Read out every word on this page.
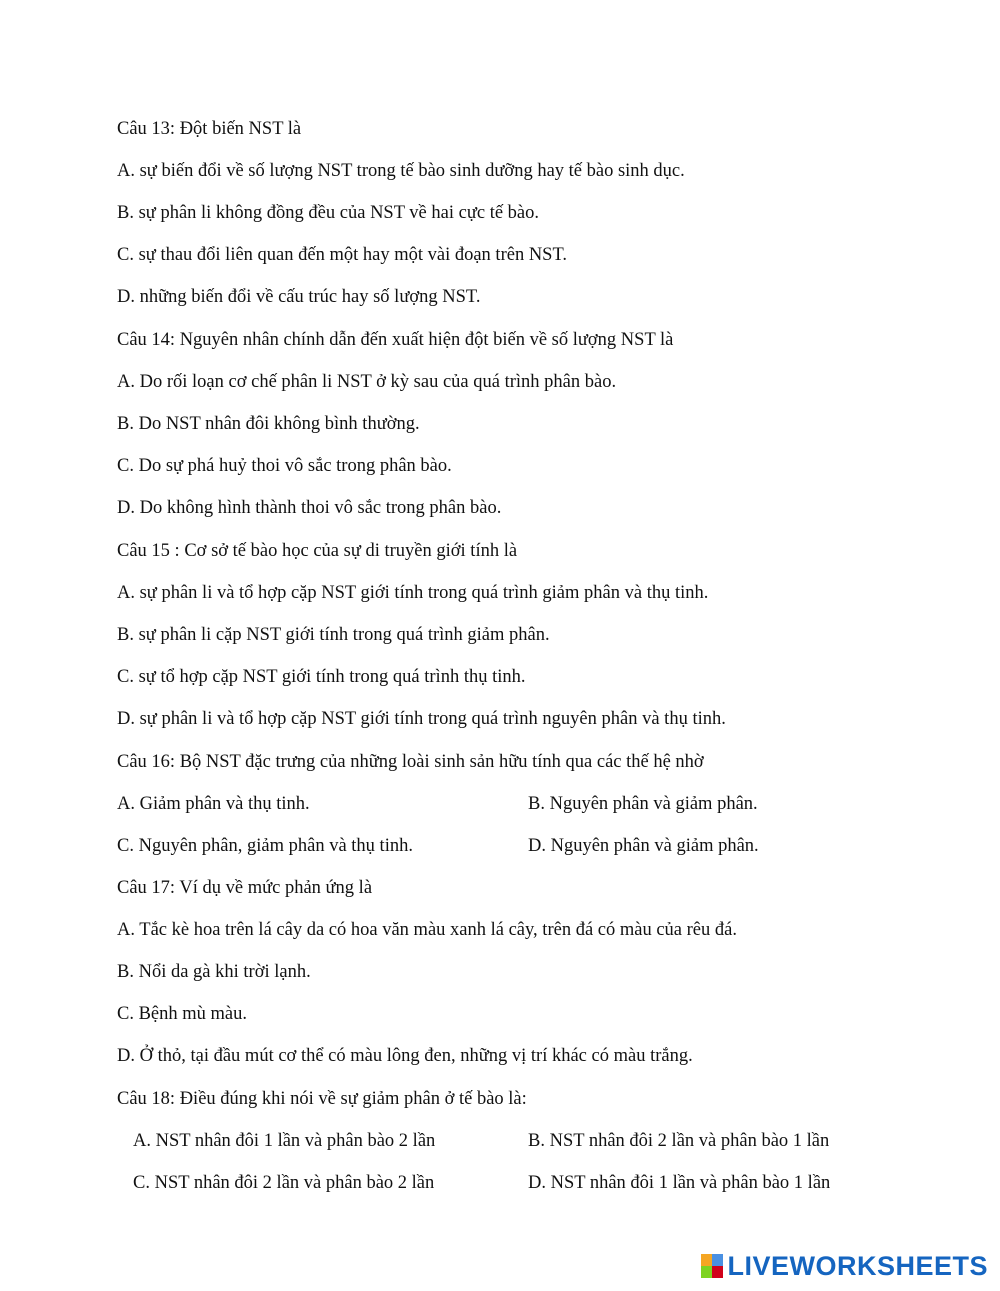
Câu 13: Đột biến NST là
A. sự biến đổi về số lượng NST trong tế bào sinh dưỡng hay tế bào sinh dục.
B. sự phân li không đồng đều của NST về hai cực tế bào.
C. sự thau đổi liên quan đến một hay một vài đoạn trên NST.
D. những biến đổi về cấu trúc hay số lượng NST.
Câu 14: Nguyên nhân chính dẫn đến xuất hiện đột biến về số lượng NST là
A. Do rối loạn cơ chế phân li NST ở kỳ sau của quá trình phân bào.
B. Do NST nhân đôi không bình thường.
C. Do sự phá huỷ thoi vô sắc trong phân bào.
D. Do không hình thành thoi vô sắc trong phân bào.
Câu 15 : Cơ sở tế bào học của sự di truyền giới tính là
A. sự phân li và tổ hợp cặp NST giới tính trong quá trình giảm phân và thụ tinh.
B. sự phân li cặp NST giới tính trong quá trình giảm phân.
C. sự tổ hợp cặp NST giới tính trong quá trình thụ tinh.
D. sự phân li và tổ hợp cặp NST giới tính trong quá trình nguyên phân và thụ tinh.
Câu 16: Bộ NST đặc trưng của những loài sinh sản hữu tính qua các thế hệ nhờ
A. Giảm phân và thụ tinh.	B. Nguyên phân và giảm phân.
C. Nguyên phân, giảm phân và thụ tinh.	D. Nguyên phân và giảm phân.
Câu 17: Ví dụ về mức phản ứng là
A. Tắc kè hoa trên lá cây da có hoa văn màu xanh lá cây, trên đá có màu của rêu đá.
B. Nổi da gà khi trời lạnh.
C. Bệnh mù màu.
D. Ở thỏ, tại đầu mút cơ thể có màu lông đen, những vị trí khác có màu trắng.
Câu 18: Điều đúng khi nói về sự giảm phân ở tế bào là:
A. NST nhân đôi 1 lần và phân bào 2 lần	B. NST nhân đôi 2 lần và phân bào 1 lần
C. NST nhân đôi 2 lần và phân bào 2 lần	D. NST nhân đôi 1 lần và phân bào 1 lần
LIVEWORKSHEETS
